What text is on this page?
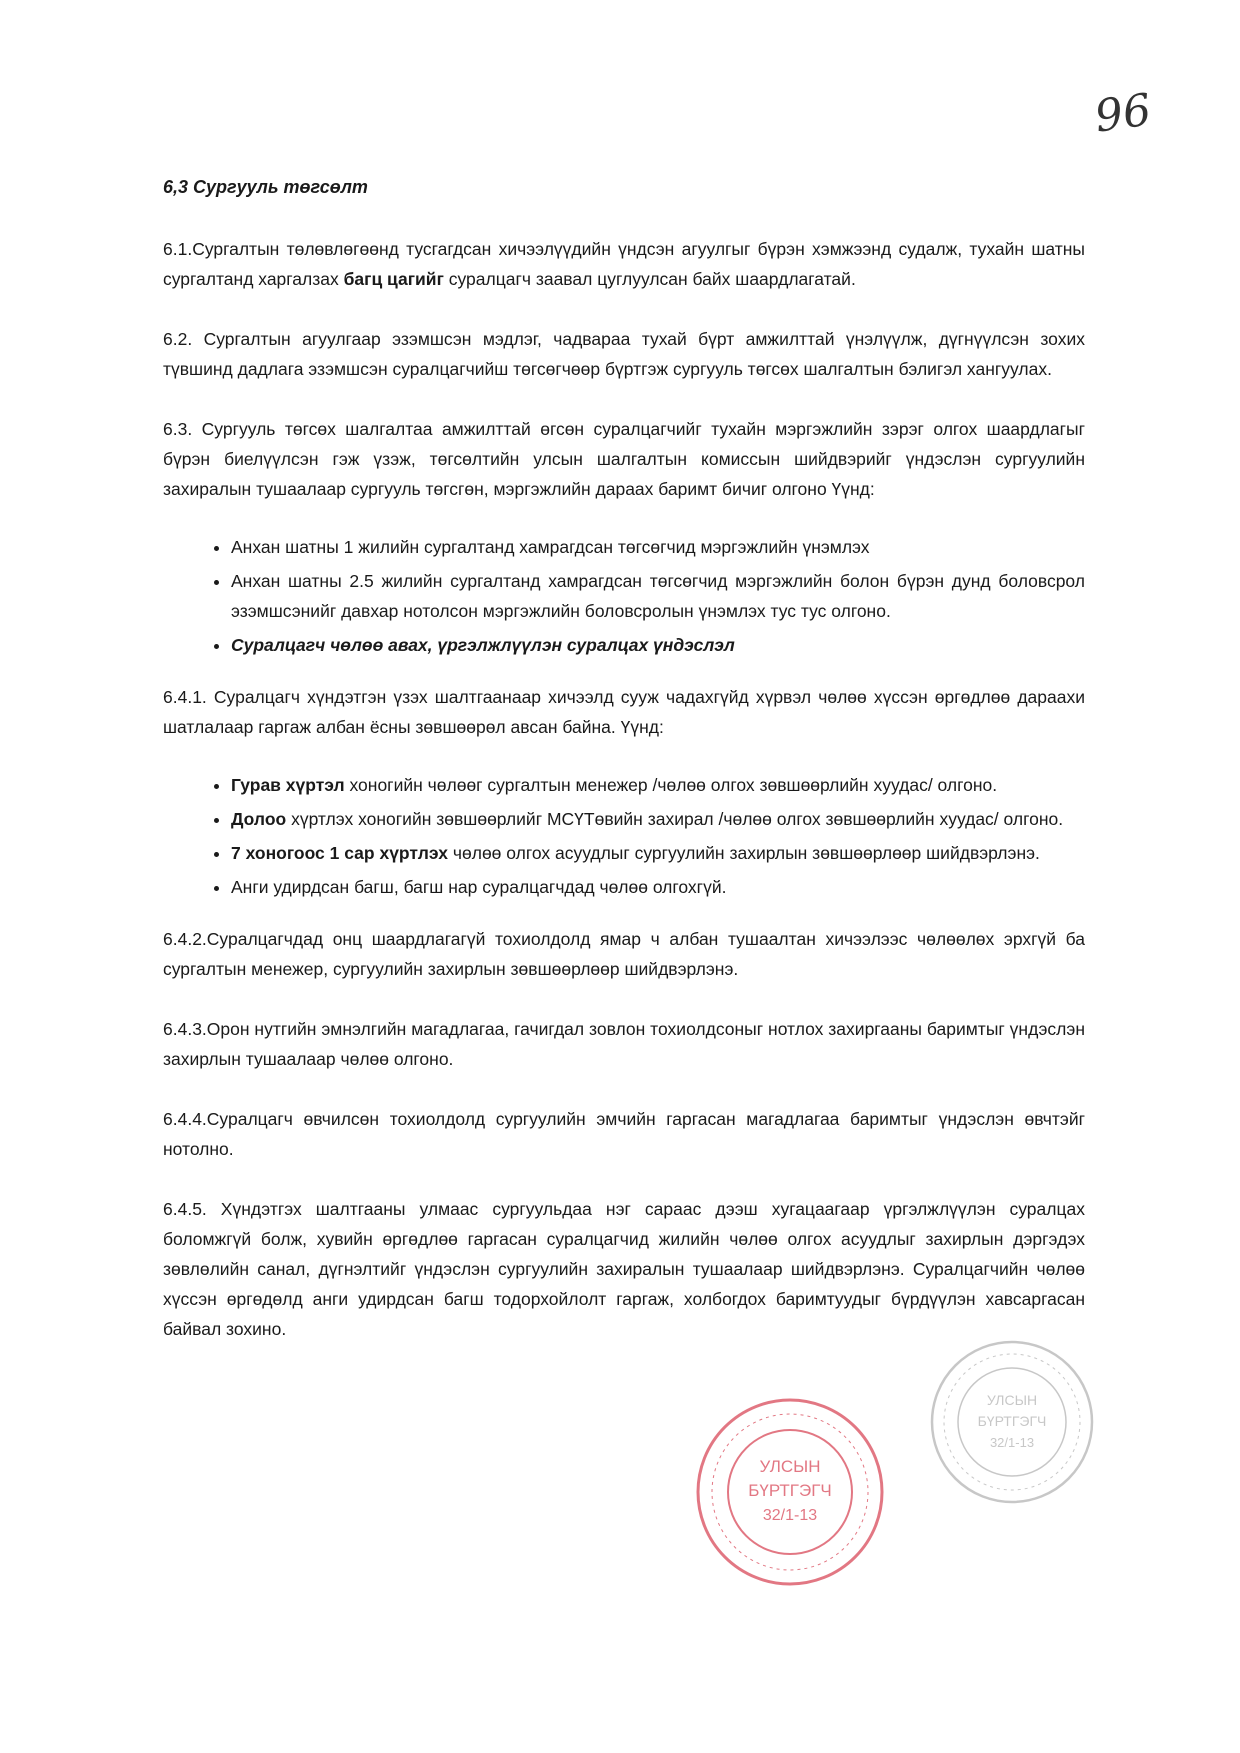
96
6,3 Сургууль төгсөлт
6.1.Сургалтын төлөвлөгөөнд тусгагдсан хичээлүүдийн үндсэн агуулгыг бүрэн хэмжээнд судалж, тухайн шатны сургалтанд харгалзах багц цагийг суралцагч заавал цуглуулсан байх шаардлагатай.
6.2. Сургалтын агуулгаар эзэмшсэн мэдлэг, чадвараа тухай бүрт амжилттай үнэлүүлж, дүгнүүлсэн зохих түвшинд дадлага эзэмшсэн суралцагчийш төгсөгчөөр бүртгэж сургууль төгсөх шалгалтын бэлигэл хангуулах.
6.3. Сургууль төгсөх шалгалтаа амжилттай өгсөн суралцагчийг тухайн мэргэжлийн зэрэг олгох шаардлагыг бүрэн биелүүлсэн гэж үзэж, төгсөлтийн улсын шалгалтын комиссын шийдвэрийг үндэслэн сургуулийн захиралын тушаалаар сургууль төгсгөн, мэргэжлийн дараах баримт бичиг олгоно Үүнд:
• Анхан шатны 1 жилийн сургалтанд хамрагдсан төгсөгчид мэргэжлийн үнэмлэх
• Анхан шатны 2.5 жилийн сургалтанд хамрагдсан төгсөгчид мэргэжлийн болон бүрэн дунд боловсрол эзэмшсэнийг давхар нотолсон мэргэжлийн боловсролын үнэмлэх тус тус олгоно.
• Суралцагч чөлөө авах, үргэлжлүүлэн суралцах үндэслэл
6.4.1. Суралцагч хүндэтгэн үзэх шалтгаанаар хичээлд сууж чадахгүйд хүрвэл чөлөө хүссэн өргөдлөө дараахи шатлалаар гаргаж албан ёсны зөвшөөрөл авсан байна. Үүнд:
• Гурав хүртэл хоногийн чөлөөг сургалтын менежер /чөлөө олгох зөвшөөрлийн хуудас/ олгоно.
• Долоо хүртлэх хоногийн зөвшөөрлийг МСҮТөвийн захирал /чөлөө олгох зөвшөөрлийн хуудас/ олгоно.
• 7 хоногоос 1 сар хүртлэх чөлөө олгох асуудлыг сургуулийн захирлын зөвшөөрлөөр шийдвэрлэнэ.
• Анги удирдсан багш, багш нар суралцагчдад чөлөө олгохгүй.
6.4.2.Суралцагчдад онц шаардлагагүй тохиолдолд ямар ч албан тушаалтан хичээлээс чөлөөлөх эрхгүй ба сургалтын менежер, сургуулийн захирлын зөвшөөрлөөр шийдвэрлэнэ.
6.4.3.Орон нутгийн эмнэлгийн магадлагаа, гачигдал зовлон тохиолдсоныг нотлох захиргааны баримтыг үндэслэн захирлын тушаалаар чөлөө олгоно.
6.4.4.Суралцагч өвчилсөн тохиолдолд сургуулийн эмчийн гаргасан магадлагаа баримтыг үндэслэн өвчтэйг нотолно.
6.4.5. Хүндэтгэх шалтгааны улмаас сургуульдаа нэг сараас дээш хугацаагаар үргэлжлүүлэн суралцах боломжгүй болж, хувийн өргөдлөө гаргасан суралцагчид жилийн чөлөө олгох асуудлыг захирлын дэргэдэх зөвлөлийн санал, дүгнэлтийг үндэслэн сургуулийн захиралын тушаалаар шийдвэрлэнэ. Суралцагчийн чөлөө хүссэн өргөдөлд анги удирдсан багш тодорхойлолт гаргаж, холбогдох баримтуудыг бүрдүүлэн хавсаргасан байвал зохино.
УЛСЫН
БҮРТГЭГЧ
32/1-13
УЛСЫН
БҮРТГЭГЧ
32/1-13
